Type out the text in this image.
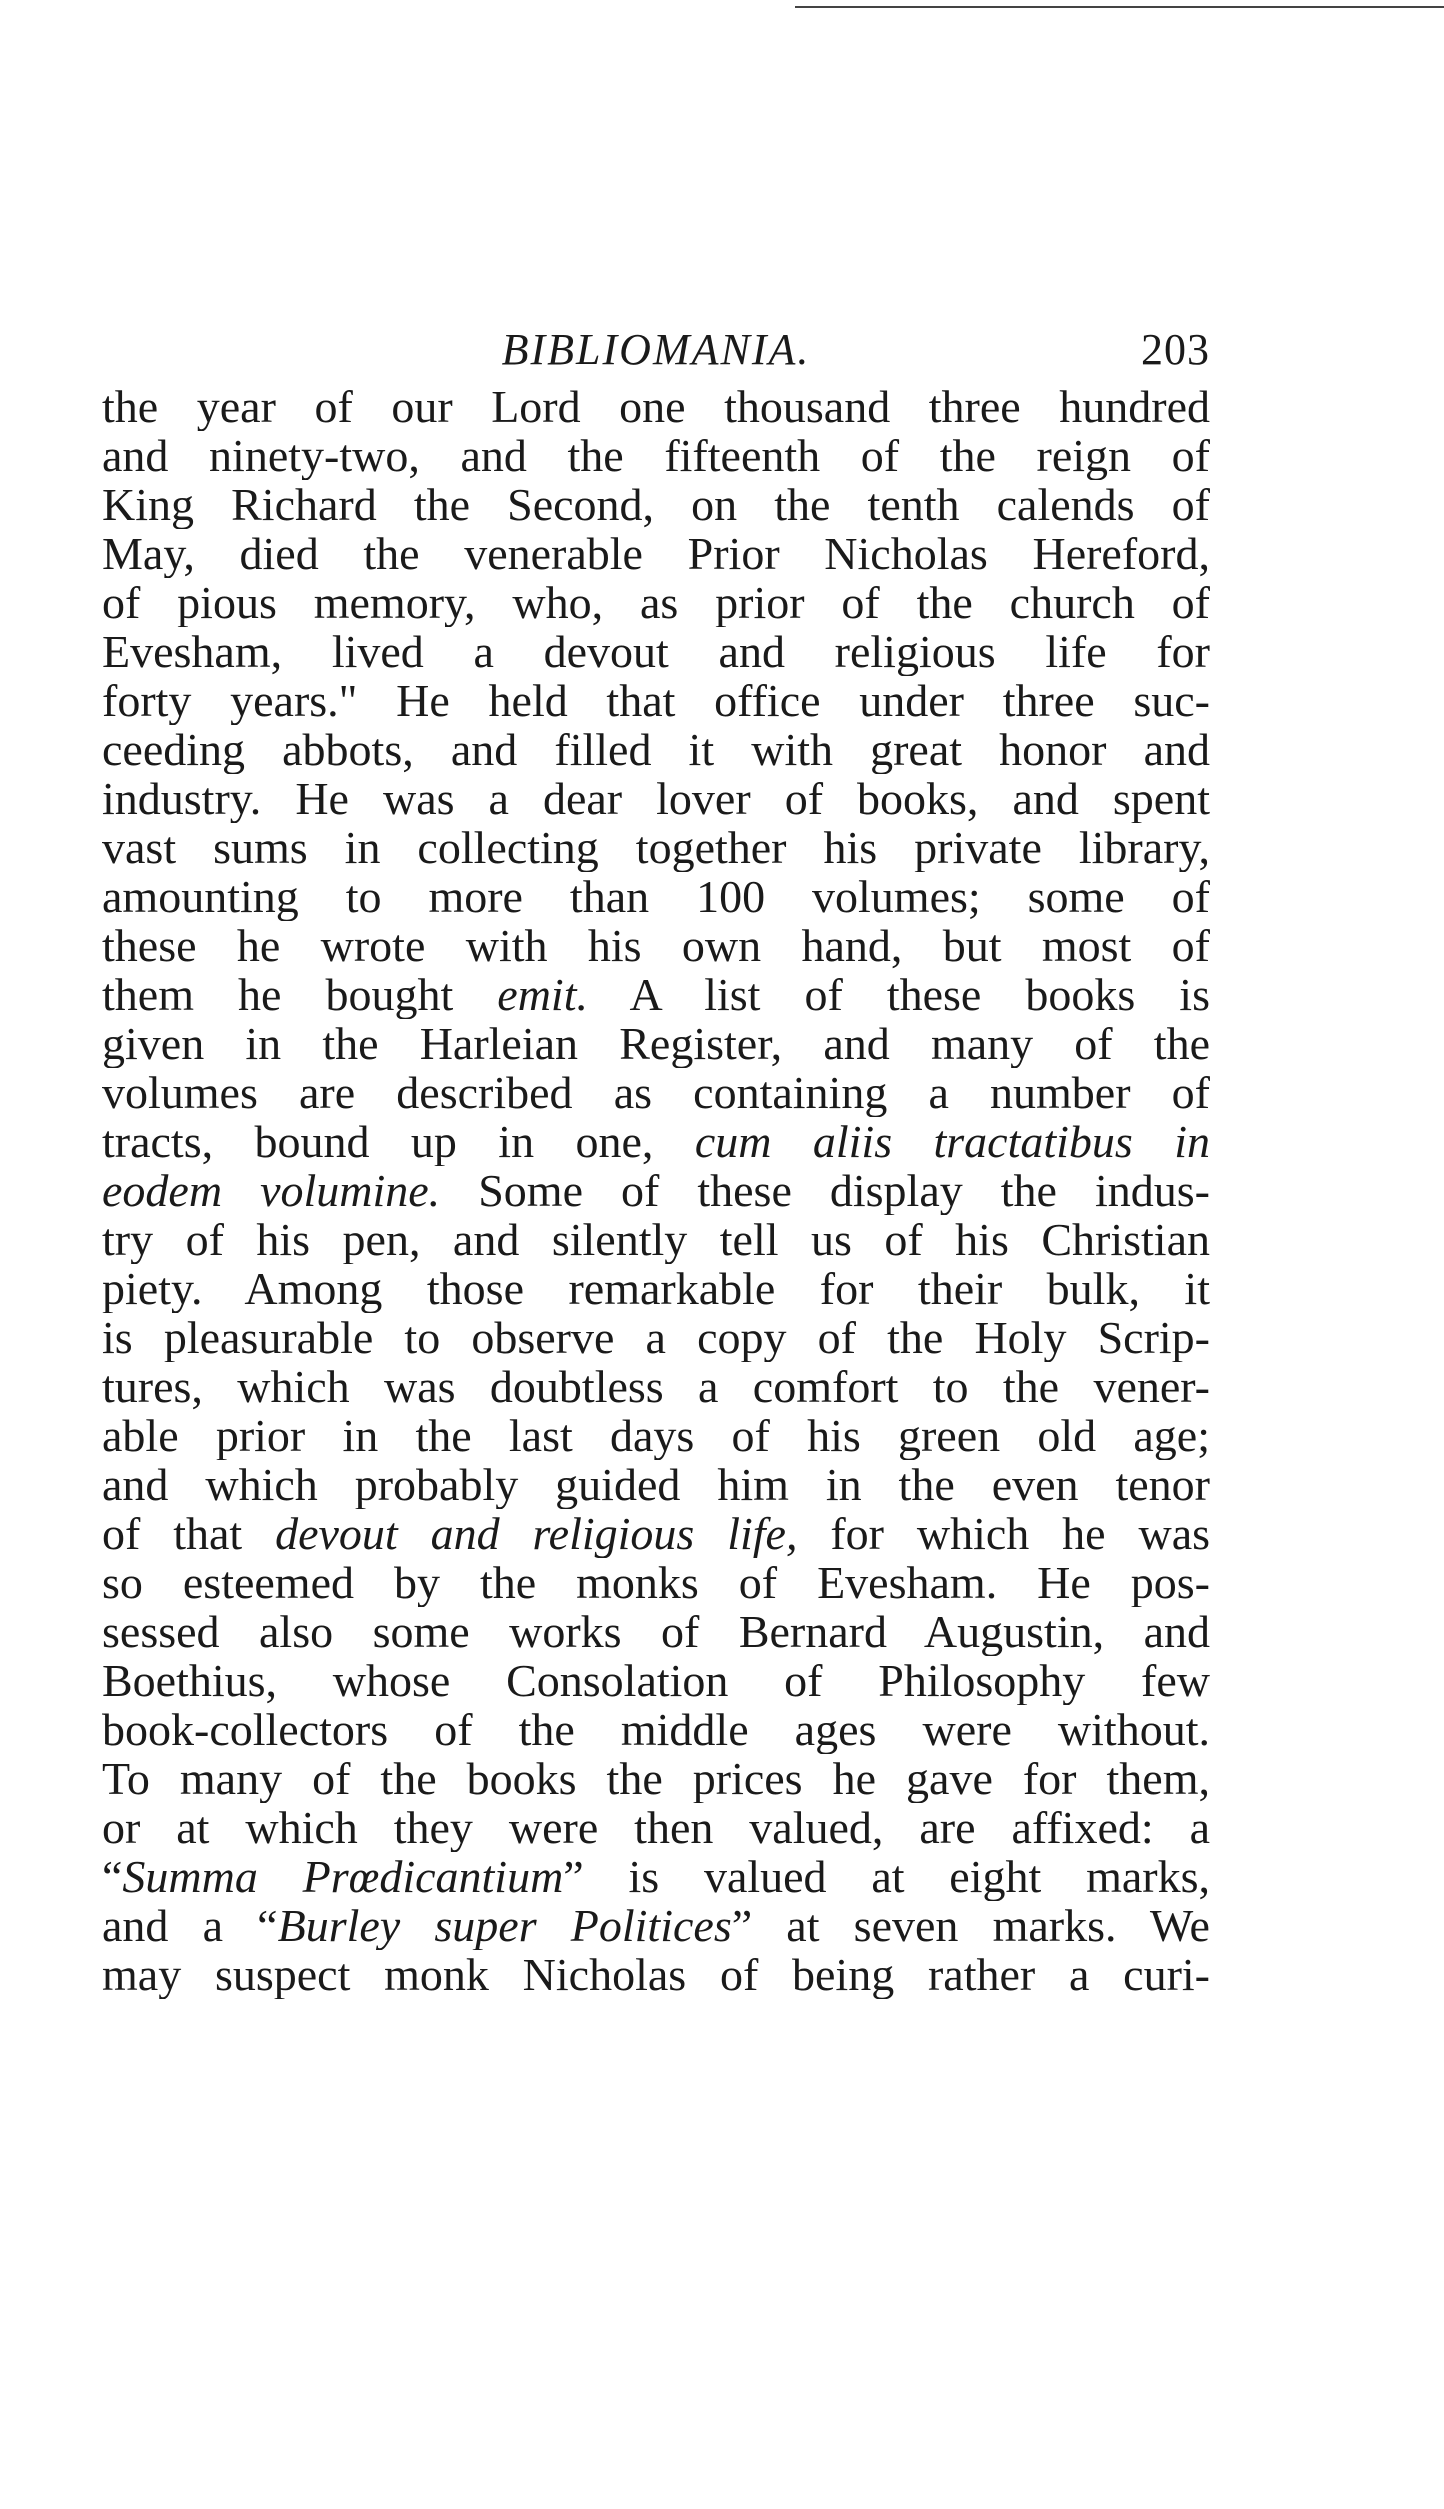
BIBLIOMANIA.	203
the year of our Lord one thousand three hundred
and ninety-two, and the fifteenth of the reign of
King Richard the Second, on the tenth calends of
May, died the venerable Prior Nicholas Hereford,
of pious memory, who, as prior of the church of
Evesham, lived a devout and religious life for
forty years." He held that office under three suc-
ceeding abbots, and filled it with great honor and
industry. He was a dear lover of books, and spent
vast sums in collecting together his private library,
amounting to more than 100 volumes; some of
these he wrote with his own hand, but most of
them he bought emit. A list of these books is
given in the Harleian Register, and many of the
volumes are described as containing a number of
tracts, bound up in one, cum aliis tractatibus in
eodem volumine. Some of these display the indus-
try of his pen, and silently tell us of his Christian
piety. Among those remarkable for their bulk, it
is pleasurable to observe a copy of the Holy Scrip-
tures, which was doubtless a comfort to the vener-
able prior in the last days of his green old age;
and which probably guided him in the even tenor
of that devout and religious life, for which he was
so esteemed by the monks of Evesham. He pos-
sessed also some works of Bernard Augustin, and
Boethius, whose Consolation of Philosophy few
book-collectors of the middle ages were without.
To many of the books the prices he gave for them,
or at which they were then valued, are affixed: a
“Summa Prœdicantium” is valued at eight marks,
and a “Burley super Politices” at seven marks. We
may suspect monk Nicholas of being rather a curi-
